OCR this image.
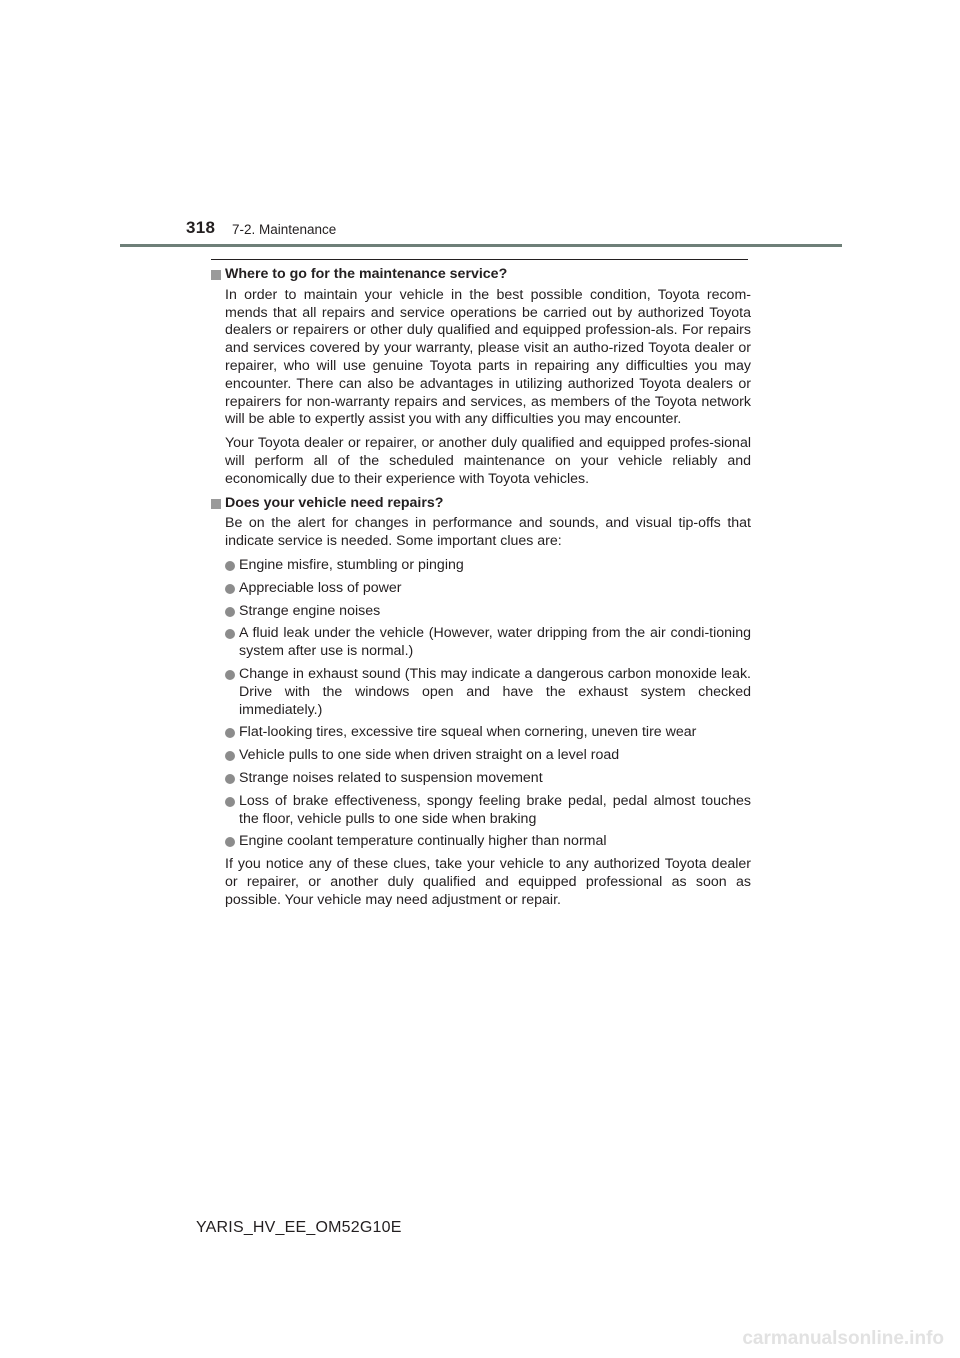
318 7-2. Maintenance
Where to go for the maintenance service?

In order to maintain your vehicle in the best possible condition, Toyota recom-mends that all repairs and service operations be carried out by authorized Toyota dealers or repairers or other duly qualified and equipped profession-als. For repairs and services covered by your warranty, please visit an autho-rized Toyota dealer or repairer, who will use genuine Toyota parts in repairing any difficulties you may encounter. There can also be advantages in utilizing authorized Toyota dealers or repairers for non-warranty repairs and services, as members of the Toyota network will be able to expertly assist you with any difficulties you may encounter.

Your Toyota dealer or repairer, or another duly qualified and equipped profes-sional will perform all of the scheduled maintenance on your vehicle reliably and economically due to their experience with Toyota vehicles.

Does your vehicle need repairs?

Be on the alert for changes in performance and sounds, and visual tip-offs that indicate service is needed. Some important clues are:

Engine misfire, stumbling or pinging
Appreciable loss of power
Strange engine noises
A fluid leak under the vehicle (However, water dripping from the air condi-tioning system after use is normal.)
Change in exhaust sound (This may indicate a dangerous carbon monoxide leak. Drive with the windows open and have the exhaust system checked immediately.)
Flat-looking tires, excessive tire squeal when cornering, uneven tire wear
Vehicle pulls to one side when driven straight on a level road
Strange noises related to suspension movement
Loss of brake effectiveness, spongy feeling brake pedal, pedal almost touches the floor, vehicle pulls to one side when braking
Engine coolant temperature continually higher than normal

If you notice any of these clues, take your vehicle to any authorized Toyota dealer or repairer, or another duly qualified and equipped professional as soon as possible. Your vehicle may need adjustment or repair.

YARIS_HV_EE_OM52G10E
carmanualsonline.info
